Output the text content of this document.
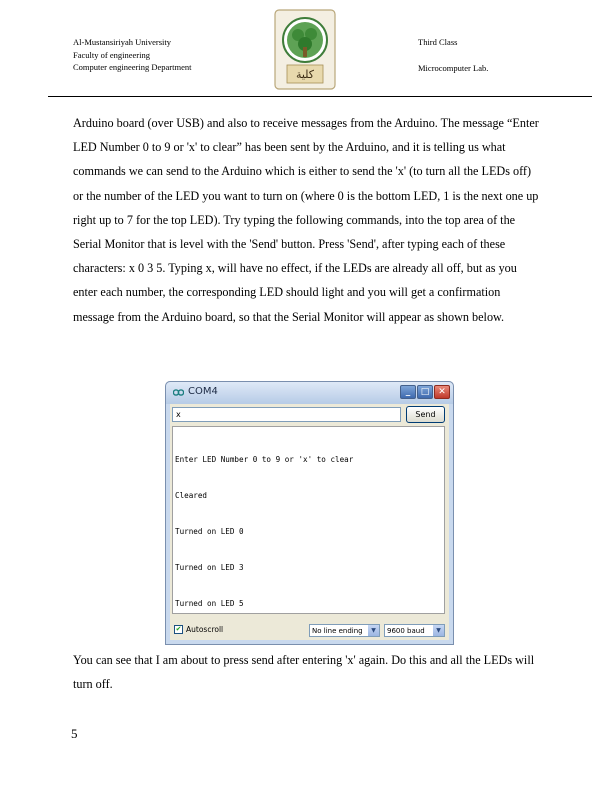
Al-Mustansiriyah University
Faculty of engineering
Computer engineering Department
كلية
Third Class
Microcomputer Lab.

Arduino board (over USB) and also to receive messages from the Arduino. The message “Enter LED Number 0 to 9 or 'x' to clear” has been sent by the Arduino, and it is telling us what commands we can send to the Arduino which is either to send the 'x' (to turn all the LEDs off) or the number of the LED you want to turn on (where 0 is the bottom LED, 1 is the next one up right up to 7 for the top LED). Try typing the following commands, into the top area of the Serial Monitor that is level with the 'Send' button. Press 'Send', after typing each of these characters: x 0 3 5. Typing x, will have no effect, if the LEDs are already all off, but as you enter each number, the corresponding LED should light and you will get a confirmation message from the Arduino board, so that the Serial Monitor will appear as shown below.

COM4	_ □ ✕
x	Send

Enter LED Number 0 to 9 or 'x' to clear

Cleared

Turned on LED 0

Turned on LED 3

Turned on LED 5

✔ Autoscroll	No line ending	▼	9600 baud	▼

You can see that I am about to press send after entering 'x' again. Do this and all the LEDs will turn off.

5
